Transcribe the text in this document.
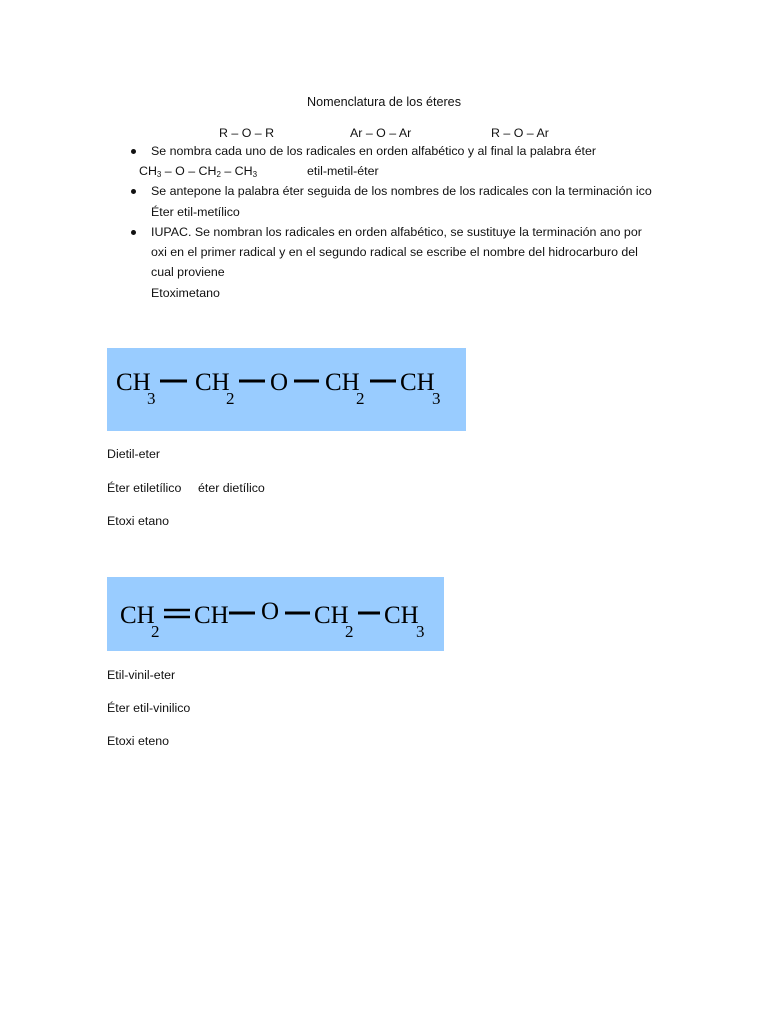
Nomenclatura de los éteres
R – O – R	Ar – O – Ar	R – O – Ar
Se nombra cada uno de los radicales en orden alfabético y al final la palabra éter
$CH_3$ – O – $CH_2 - CH_3$	etil-metil-éter
Se antepone la palabra éter seguida de los nombres de los radicales con la terminación ico
Éter etil-metílico
IUPAC. Se nombran los radicales en orden alfabético, se sustituye la terminación ano por
oxi en el primer radical y en el segundo radical se escribe el nombre del hidrocarburo del
cual proviene
Etoximetano
CH
3
CH
2
O CH
2
CH
3
Dietil-eter
Éter etiletílico éter dietílico
Etoxi etano
CH
2
CH O CH
2
CH
3
Etil-vinil-eter
Éter etil-vinilico
Etoxi eteno
